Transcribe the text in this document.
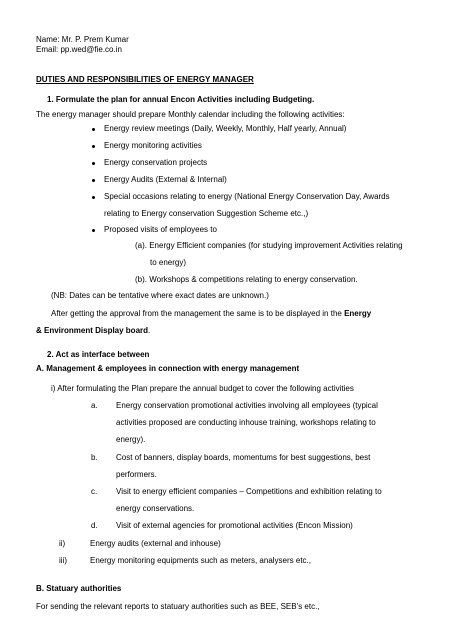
Name: Mr. P. Prem Kumar
Email: pp.wed@fie.co.in
DUTIES AND RESPONSIBILITIES OF ENERGY MANAGER
1. Formulate the plan for annual Encon Activities including Budgeting.
The energy manager should prepare Monthly calendar including the following activities:
Energy review meetings (Daily, Weekly, Monthly, Half yearly, Annual)
Energy monitoring activities
Energy conservation projects
Energy Audits (External & Internal)
Special occasions relating to energy (National Energy Conservation Day, Awards
relating to Energy conservation Suggestion Scheme etc.,)
Proposed visits of employees to
(a). Energy Efficient companies (for studying improvement Activities relating
to energy)
(b). Workshops & competitions relating to energy conservation.
(NB: Dates can be tentative where exact dates are unknown.)
After getting the approval from the management the same is to be displayed in the Energy
& Environment Display board.
2. Act as interface between
A. Management & employees in connection with energy management
i) After formulating the Plan prepare the annual budget to cover the following activities
a. Energy conservation promotional activities involving all employees (typical
activities proposed are conducting inhouse training, workshops relating to
energy).
b. Cost of banners, display boards, momentums for best suggestions, best
performers.
c. Visit to energy efficient companies – Competitions and exhibition relating to
energy conservations.
d. Visit of external agencies for promotional activities (Encon Mission)
ii)	Energy audits (external and inhouse)
iii)	Energy monitoring equipments such as meters, analysers etc.,
B. Statuary authorities
For sending the relevant reports to statuary authorities such as BEE, SEB’s etc.,
